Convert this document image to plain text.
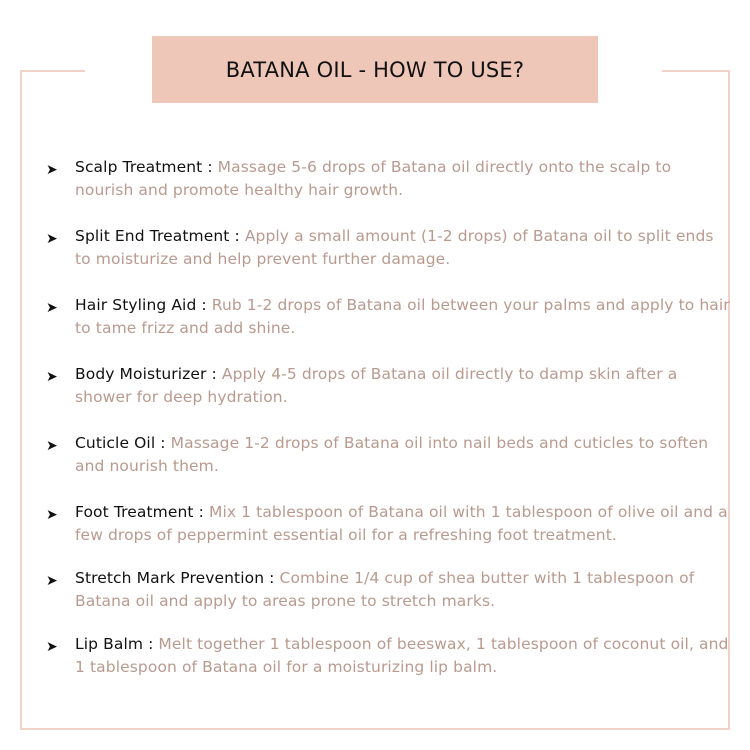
BATANA OIL - HOW TO USE?
➤ Scalp Treatment : Massage 5-6 drops of Batana oil directly onto the scalp to nourish and promote healthy hair growth.
➤ Split End Treatment : Apply a small amount (1-2 drops) of Batana oil to split ends to moisturize and help prevent further damage.
➤ Hair Styling Aid : Rub 1-2 drops of Batana oil between your palms and apply to hair to tame frizz and add shine.
➤ Body Moisturizer : Apply 4-5 drops of Batana oil directly to damp skin after a shower for deep hydration.
➤ Cuticle Oil : Massage 1-2 drops of Batana oil into nail beds and cuticles to soften and nourish them.
➤ Foot Treatment : Mix 1 tablespoon of Batana oil with 1 tablespoon of olive oil and a few drops of peppermint essential oil for a refreshing foot treatment.
➤ Stretch Mark Prevention : Combine 1/4 cup of shea butter with 1 tablespoon of Batana oil and apply to areas prone to stretch marks.
➤ Lip Balm : Melt together 1 tablespoon of beeswax, 1 tablespoon of coconut oil, and 1 tablespoon of Batana oil for a moisturizing lip balm.
